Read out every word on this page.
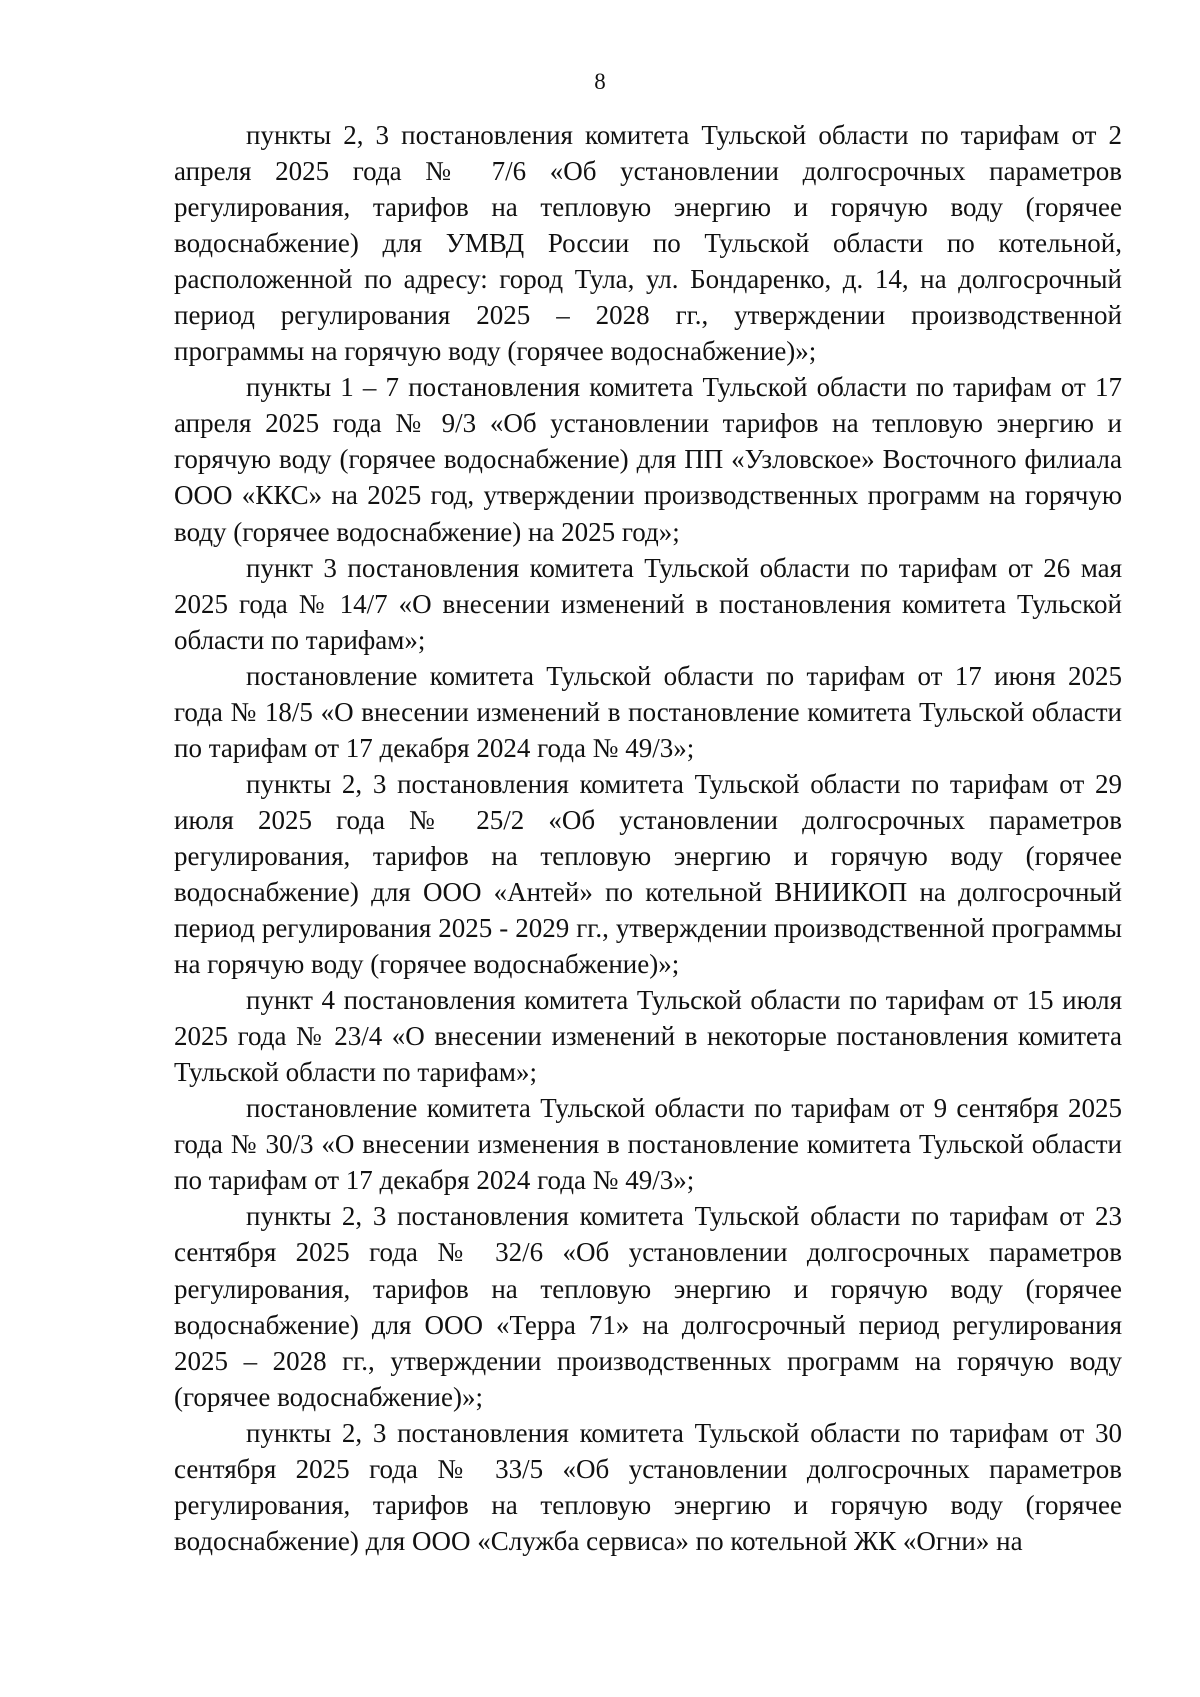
8

пункты 2, 3 постановления комитета Тульской области по тарифам от 2 апреля 2025 года № 7/6 «Об установлении долгосрочных параметров регулирования, тарифов на тепловую энергию и горячую воду (горячее водоснабжение) для УМВД России по Тульской области по котельной, расположенной по адресу: город Тула, ул. Бондаренко, д. 14, на долгосрочный период регулирования 2025 – 2028 гг., утверждении производственной программы на горячую воду (горячее водоснабжение)»;

пункты 1 – 7 постановления комитета Тульской области по тарифам от 17 апреля 2025 года № 9/3 «Об установлении тарифов на тепловую энергию и горячую воду (горячее водоснабжение) для ПП «Узловское» Восточного филиала ООО «ККС» на 2025 год, утверждении производственных программ на горячую воду (горячее водоснабжение) на 2025 год»;

пункт 3 постановления комитета Тульской области по тарифам от 26 мая 2025 года № 14/7 «О внесении изменений в постановления комитета Тульской области по тарифам»;

постановление комитета Тульской области по тарифам от 17 июня 2025 года № 18/5 «О внесении изменений в постановление комитета Тульской области по тарифам от 17 декабря 2024 года № 49/3»;

пункты 2, 3 постановления комитета Тульской области по тарифам от 29 июля 2025 года № 25/2 «Об установлении долгосрочных параметров регулирования, тарифов на тепловую энергию и горячую воду (горячее водоснабжение) для ООО «Антей» по котельной ВНИИКОП на долгосрочный период регулирования 2025 - 2029 гг., утверждении производственной программы на горячую воду (горячее водоснабжение)»;

пункт 4 постановления комитета Тульской области по тарифам от 15 июля 2025 года № 23/4 «О внесении изменений в некоторые постановления комитета Тульской области по тарифам»;

постановление комитета Тульской области по тарифам от 9 сентября 2025 года № 30/3 «О внесении изменения в постановление комитета Тульской области по тарифам от 17 декабря 2024 года № 49/3»;

пункты 2, 3 постановления комитета Тульской области по тарифам от 23 сентября 2025 года № 32/6 «Об установлении долгосрочных параметров регулирования, тарифов на тепловую энергию и горячую воду (горячее водоснабжение) для ООО «Терра 71» на долгосрочный период регулирования 2025 – 2028 гг., утверждении производственных программ на горячую воду (горячее водоснабжение)»;

пункты 2, 3 постановления комитета Тульской области по тарифам от 30 сентября 2025 года № 33/5 «Об установлении долгосрочных параметров регулирования, тарифов на тепловую энергию и горячую воду (горячее водоснабжение) для ООО «Служба сервиса» по котельной ЖК «Огни» на
